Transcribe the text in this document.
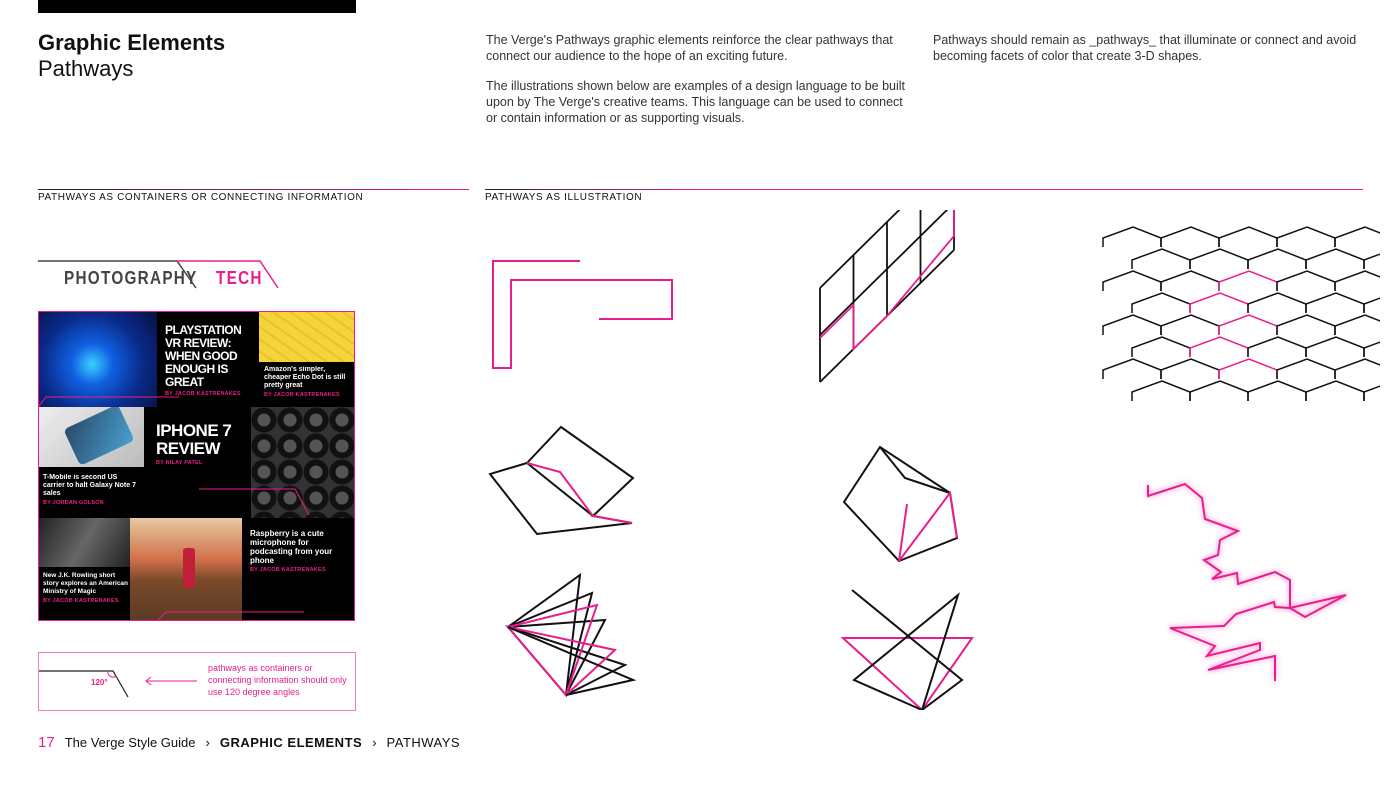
Graphic Elements
Pathways
The Verge's Pathways graphic elements reinforce the clear pathways that connect our audience to the hope of an exciting future.
The illustrations shown below are examples of a design language to be built upon by The Verge's creative teams. This language can be used to connect or contain information or as supporting visuals.
Pathways should remain as _pathways_ that illuminate or connect and avoid becoming facets of color that create 3-D shapes.
PATHWAYS AS CONTAINERS OR CONNECTING INFORMATION	PATHWAYS AS ILLUSTRATION
PHOTOGRAPHY TECH
PLAYSTATION VR REVIEW: WHEN GOOD ENOUGH IS GREAT
BY JACOB KASTRENAKES
Amazon's simpler, cheaper Echo Dot is still pretty great
BY JACOB KASTRENAKES
T-Mobile is second US carrier to halt Galaxy Note 7 sales
BY JORDAN GOLSON
IPHONE 7 REVIEW
BY NILAY PATEL
New J.K. Rowling short story explores an American Ministry of Magic
BY JACOB KASTRENAKES
Raspberry is a cute microphone for podcasting from your phone
BY JACOB KASTRENAKES
120°
pathways as containers or connecting information should only use 120 degree angles
17 The Verge Style Guide › GRAPHIC ELEMENTS › PATHWAYS
